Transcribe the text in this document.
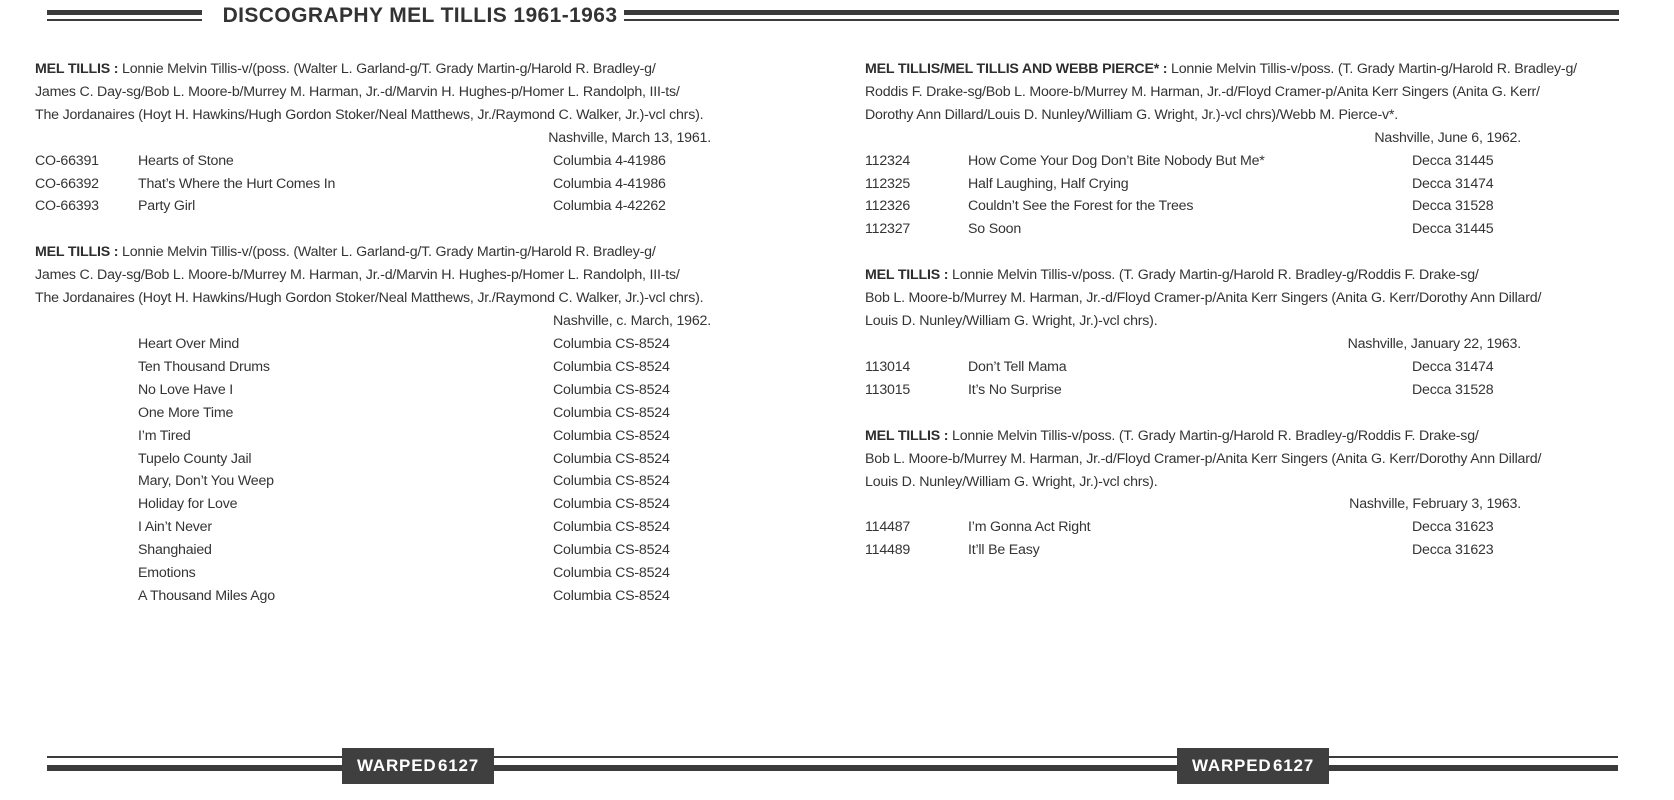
DISCOGRAPHY MEL TILLIS 1961-1963
MEL TILLIS : Lonnie Melvin Tillis-v/(poss. (Walter L. Garland-g/T. Grady Martin-g/Harold R. Bradley-g/
James C. Day-sg/Bob L. Moore-b/Murrey M. Harman, Jr.-d/Marvin H. Hughes-p/Homer L. Randolph, III-ts/
The Jordanaires (Hoyt H. Hawkins/Hugh Gordon Stoker/Neal Matthews, Jr./Raymond C. Walker, Jr.)-vcl chrs).
Nashville, March 13, 1961.
CO-66391	Hearts of Stone	Columbia 4-41986
CO-66392	That’s Where the Hurt Comes In	Columbia 4-41986
CO-66393	Party Girl	Columbia 4-42262
MEL TILLIS : Lonnie Melvin Tillis-v/(poss. (Walter L. Garland-g/T. Grady Martin-g/Harold R. Bradley-g/
James C. Day-sg/Bob L. Moore-b/Murrey M. Harman, Jr.-d/Marvin H. Hughes-p/Homer L. Randolph, III-ts/
The Jordanaires (Hoyt H. Hawkins/Hugh Gordon Stoker/Neal Matthews, Jr./Raymond C. Walker, Jr.)-vcl chrs).
Nashville, c. March, 1962.
Heart Over Mind	Columbia CS-8524
Ten Thousand Drums	Columbia CS-8524
No Love Have I	Columbia CS-8524
One More Time	Columbia CS-8524
I’m Tired	Columbia CS-8524
Tupelo County Jail	Columbia CS-8524
Mary, Don’t You Weep	Columbia CS-8524
Holiday for Love	Columbia CS-8524
I Ain’t Never	Columbia CS-8524
Shanghaied	Columbia CS-8524
Emotions	Columbia CS-8524
A Thousand Miles Ago	Columbia CS-8524
MEL TILLIS/MEL TILLIS AND WEBB PIERCE* : Lonnie Melvin Tillis-v/poss. (T. Grady Martin-g/Harold R. Bradley-g/
Roddis F. Drake-sg/Bob L. Moore-b/Murrey M. Harman, Jr.-d/Floyd Cramer-p/Anita Kerr Singers (Anita G. Kerr/
Dorothy Ann Dillard/Louis D. Nunley/William G. Wright, Jr.)-vcl chrs)/Webb M. Pierce-v*.
Nashville, June 6, 1962.
112324	How Come Your Dog Don’t Bite Nobody But Me*	Decca 31445
112325	Half Laughing, Half Crying	Decca 31474
112326	Couldn’t See the Forest for the Trees	Decca 31528
112327	So Soon	Decca 31445
MEL TILLIS : Lonnie Melvin Tillis-v/poss. (T. Grady Martin-g/Harold R. Bradley-g/Roddis F. Drake-sg/
Bob L. Moore-b/Murrey M. Harman, Jr.-d/Floyd Cramer-p/Anita Kerr Singers (Anita G. Kerr/Dorothy Ann Dillard/
Louis D. Nunley/William G. Wright, Jr.)-vcl chrs).
Nashville, January 22, 1963.
113014	Don’t Tell Mama	Decca 31474
113015	It’s No Surprise	Decca 31528
MEL TILLIS : Lonnie Melvin Tillis-v/poss. (T. Grady Martin-g/Harold R. Bradley-g/Roddis F. Drake-sg/
Bob L. Moore-b/Murrey M. Harman, Jr.-d/Floyd Cramer-p/Anita Kerr Singers (Anita G. Kerr/Dorothy Ann Dillard/
Louis D. Nunley/William G. Wright, Jr.)-vcl chrs).
Nashville, February 3, 1963.
114487	I’m Gonna Act Right	Decca 31623
114489	It’ll Be Easy	Decca 31623
WARPED 6127	WARPED 6127
